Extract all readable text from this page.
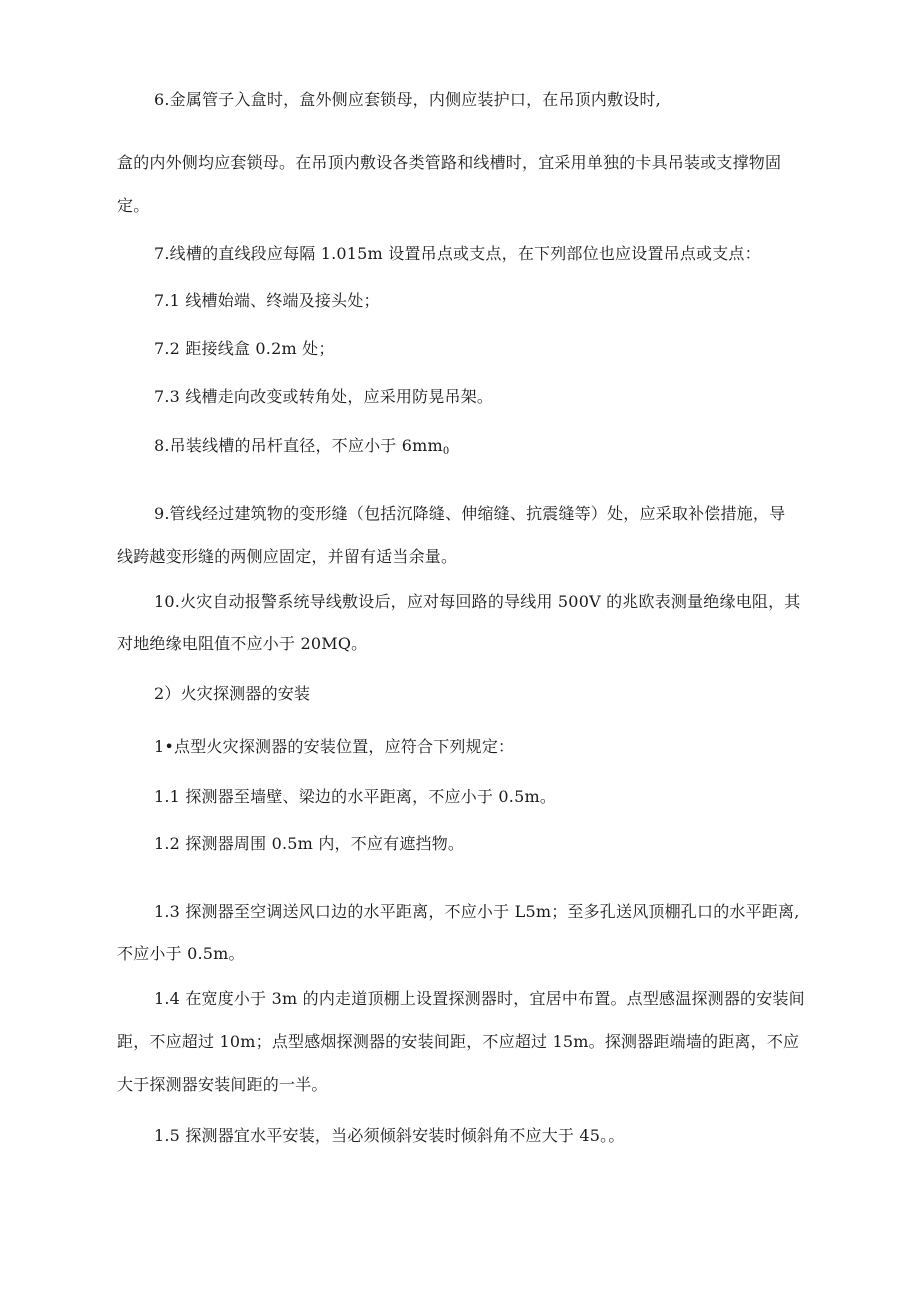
6.金属管子入盒时，盒外侧应套锁母，内侧应装护口，在吊顶内敷设时,
盒的内外侧均应套锁母。在吊顶内敷设各类管路和线槽时，宜采用单独的卡具吊装或支撑物固
定。
7.线槽的直线段应每隔 1.015m 设置吊点或支点，在下列部位也应设置吊点或支点：
7.1 线槽始端、终端及接头处；
7.2 距接线盒 0.2m 处；
7.3 线槽走向改变或转角处，应采用防晃吊架。
8.吊装线槽的吊杆直径，不应小于 $6mm_0$
9.管线经过建筑物的变形缝（包括沉降缝、伸缩缝、抗震缝等）处，应采取补偿措施，导
线跨越变形缝的两侧应固定，并留有适当余量。
10.火灾自动报警系统导线敷设后，应对每回路的导线用 500V 的兆欧表测量绝缘电阻，其
对地绝缘电阻值不应小于 20MQ。
2）火灾探测器的安装
1•点型火灾探测器的安装位置，应符合下列规定：
1.1 探测器至墙壁、梁边的水平距离，不应小于 0.5m。
1.2 探测器周围 0.5m 内，不应有遮挡物。
1.3 探测器至空调送风口边的水平距离，不应小于 L5m；至多孔送风顶棚孔口的水平距离,
不应小于 0.5m。
1.4 在宽度小于 3m 的内走道顶棚上设置探测器时，宜居中布置。点型感温探测器的安装间
距，不应超过 10m；点型感烟探测器的安装间距，不应超过 15m。探测器距端墙的距离，不应
大于探测器安装间距的一半。
1.5 探测器宜水平安装，当必须倾斜安装时倾斜角不应大于 45。。
